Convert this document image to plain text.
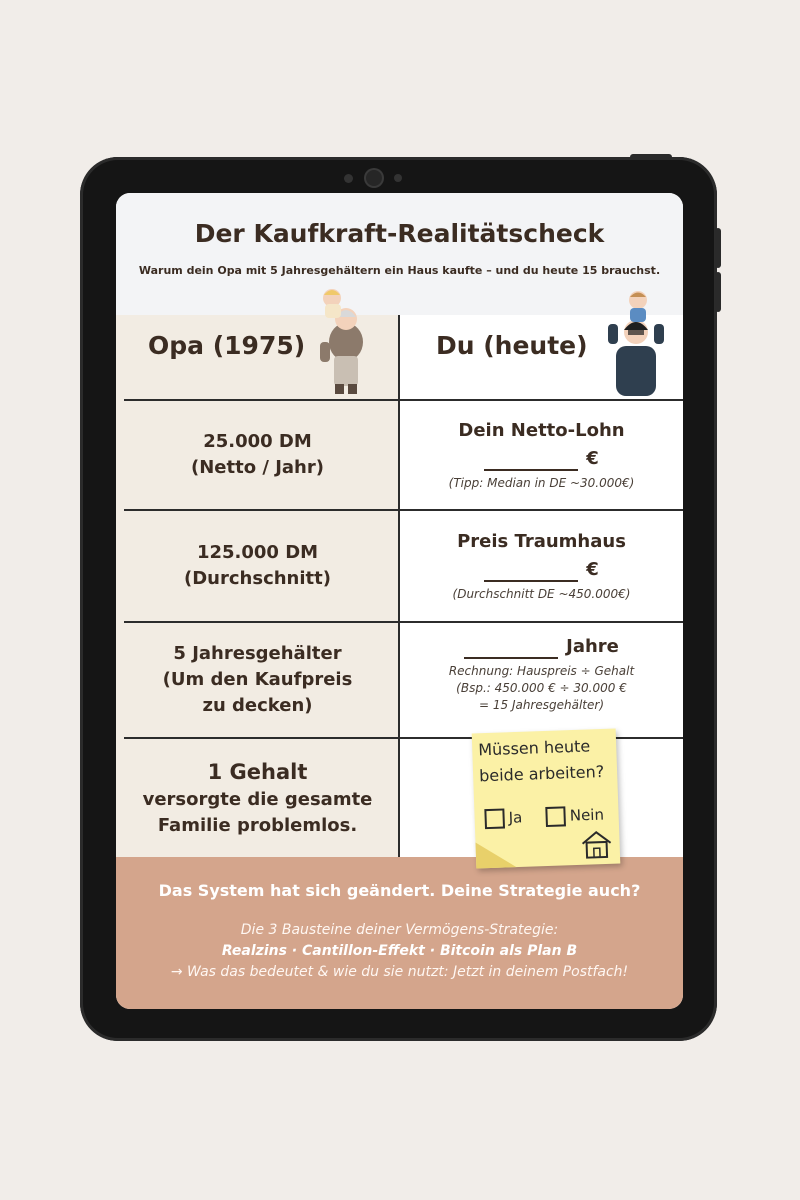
Der Kaufkraft-Realitätscheck
Warum dein Opa mit 5 Jahresgehältern ein Haus kaufte – und du heute 15 brauchst.
Opa (1975)	Du (heute)
25.000 DM
(Netto / Jahr)
Dein Netto-Lohn
€
(Tipp: Median in DE ~30.000€)
125.000 DM
(Durchschnitt)
Preis Traumhaus
€
(Durchschnitt DE ~450.000€)
5 Jahresgehälter
(Um den Kaufpreis
zu decken)
Jahre
Rechnung: Hauspreis ÷ Gehalt
(Bsp.: 450.000 € ÷ 30.000 €
= 15 Jahresgehälter)
1 Gehalt
versorgte die gesamte
Familie problemlos.
Das System hat sich geändert. Deine Strategie auch?
Die 3 Bausteine deiner Vermögens-Strategie:
Realzins · Cantillon-Effekt · Bitcoin als Plan B
→ Was das bedeutet & wie du sie nutzt: Jetzt in deinem Postfach!
Müssen heute
beide arbeiten?
Ja	Nein
